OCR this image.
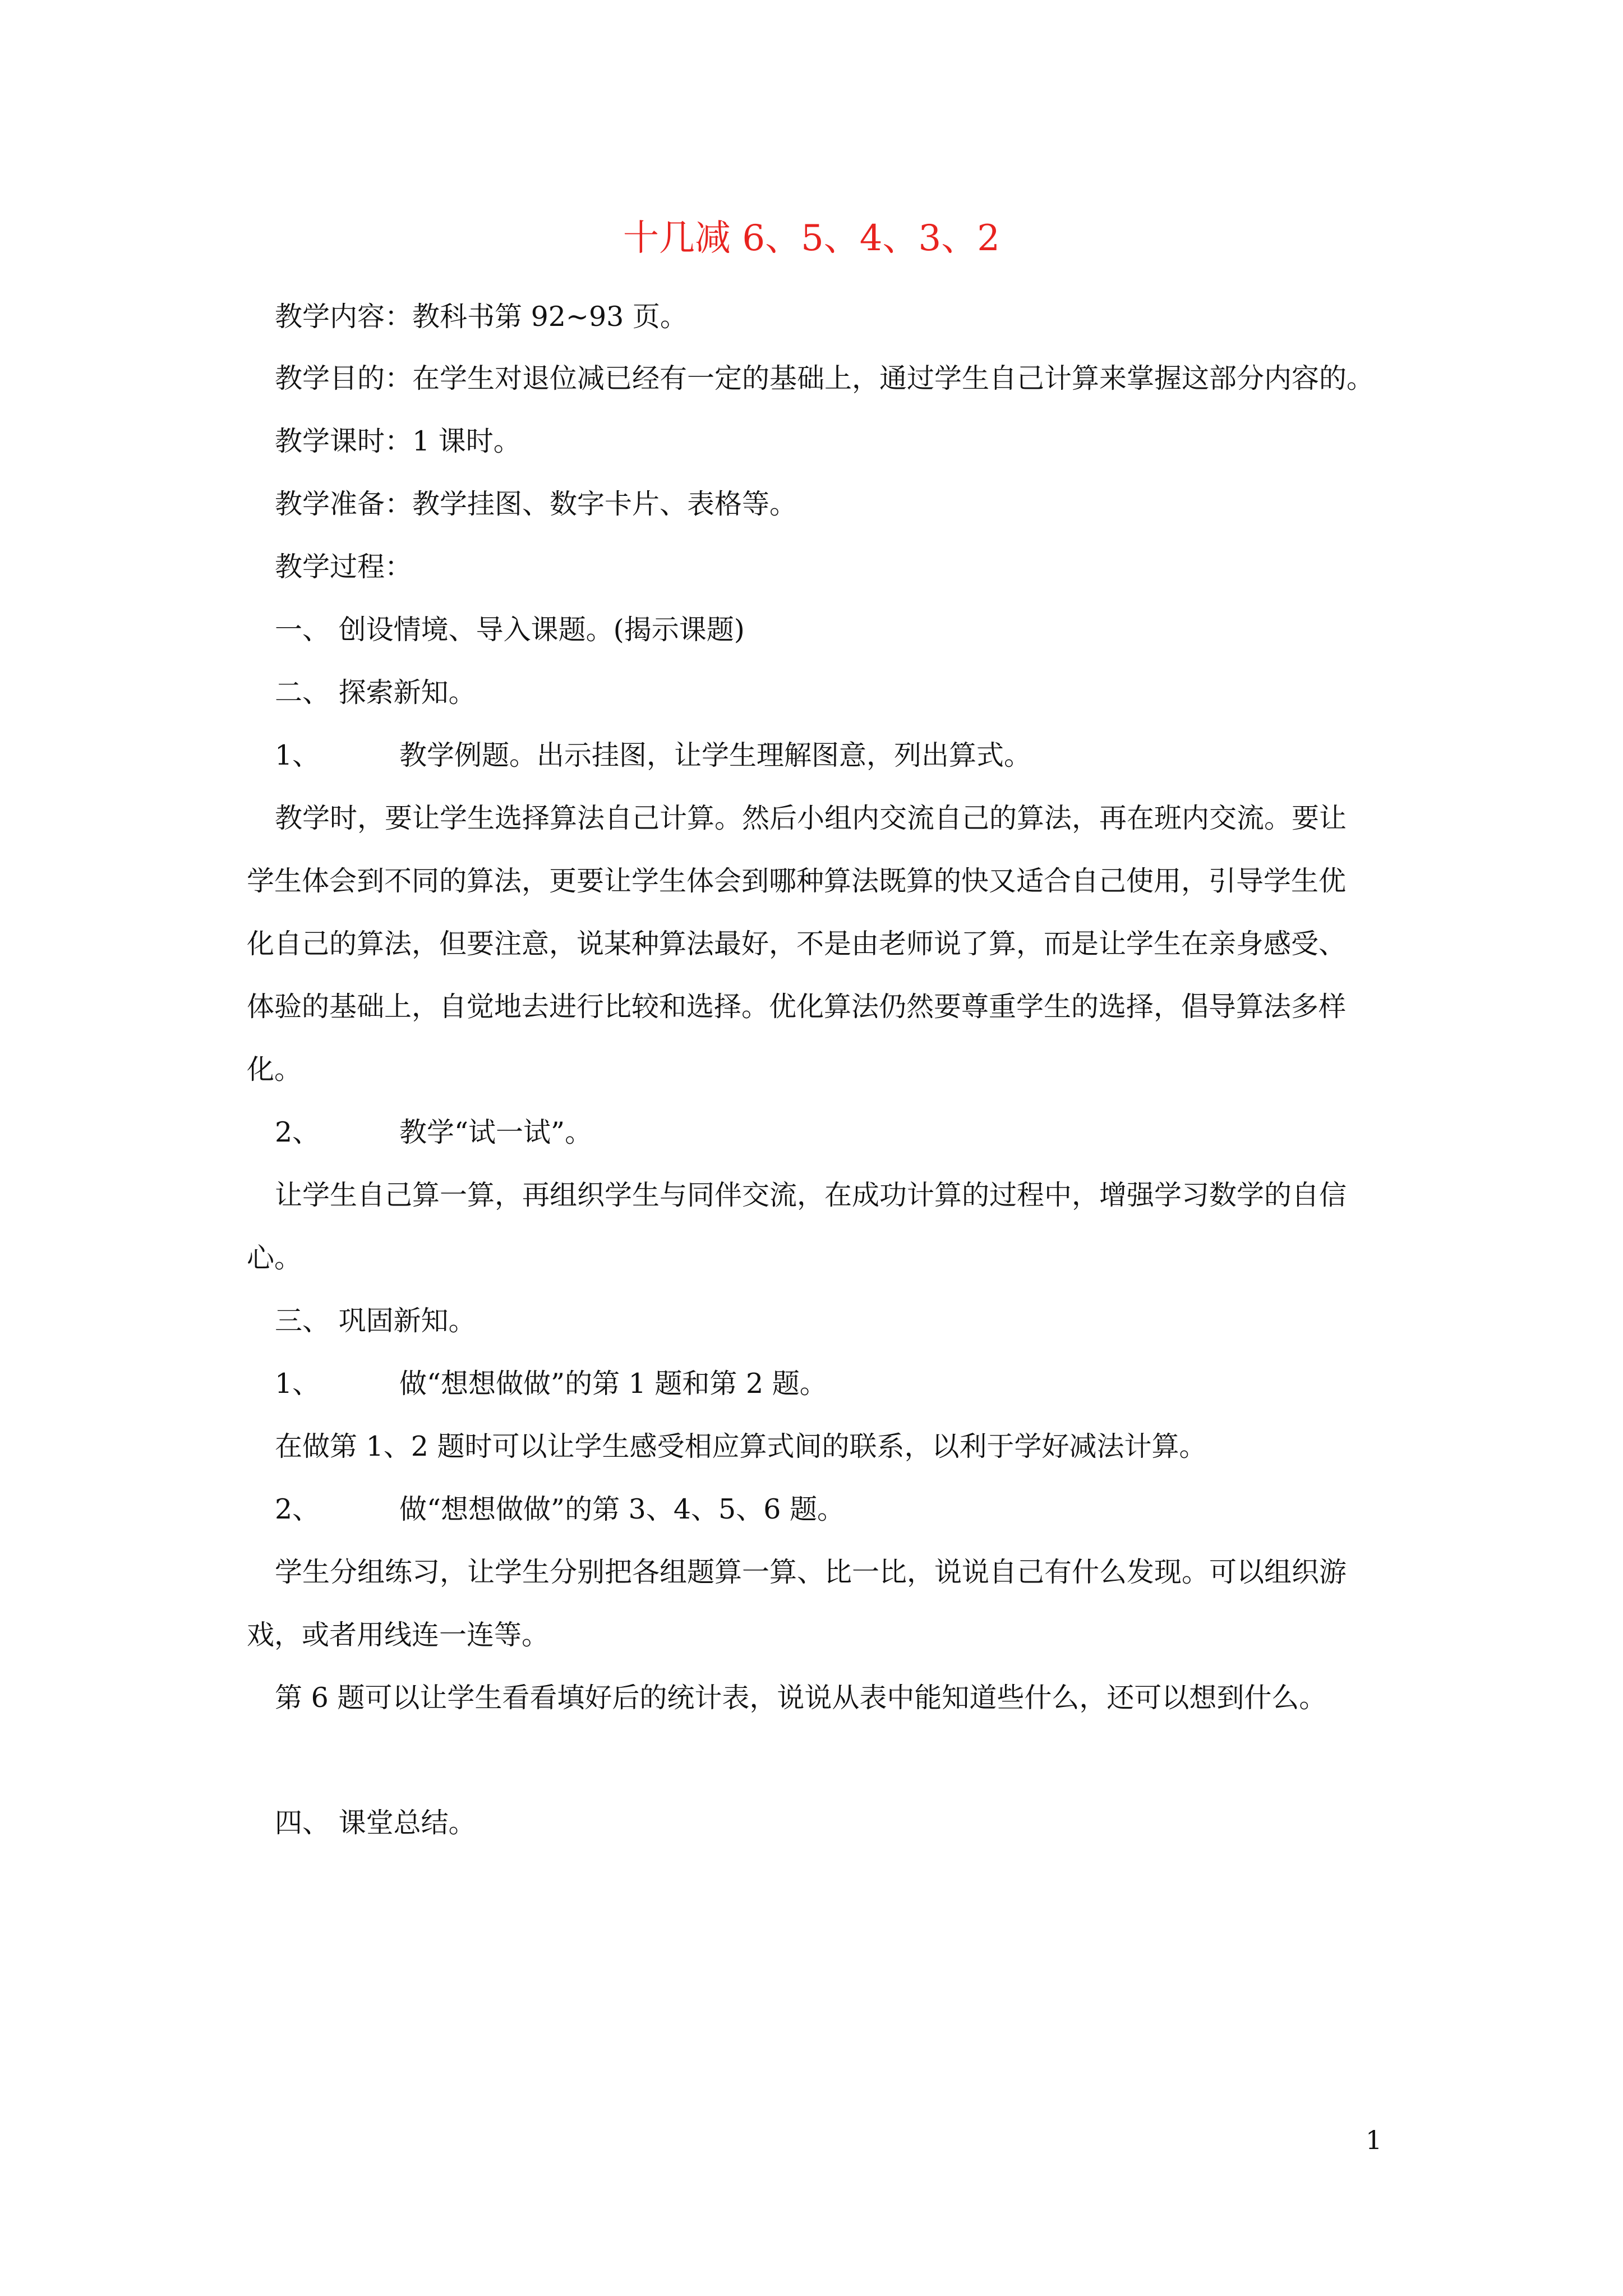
十几减 6、5、4、3、2
教学内容：教科书第 92~93 页。
教学目的：在学生对退位减已经有一定的基础上，通过学生自己计算来掌握这部分内容的。
教学课时：1 课时。
教学准备：教学挂图、数字卡片、表格等。
教学过程：
一、 创设情境、导入课题。(揭示课题)
二、 探索新知。
1、	教学例题。出示挂图，让学生理解图意，列出算式。
教学时，要让学生选择算法自己计算。然后小组内交流自己的算法，再在班内交流。要让
学生体会到不同的算法，更要让学生体会到哪种算法既算的快又适合自己使用，引导学生优
化自己的算法，但要注意，说某种算法最好，不是由老师说了算，而是让学生在亲身感受、
体验的基础上，自觉地去进行比较和选择。优化算法仍然要尊重学生的选择，倡导算法多样
化。
2、	教学“试一试”。
让学生自己算一算，再组织学生与同伴交流，在成功计算的过程中，增强学习数学的自信
心。
三、 巩固新知。
1、	做“想想做做”的第 1 题和第 2 题。
在做第 1、2 题时可以让学生感受相应算式间的联系，以利于学好减法计算。
2、	做“想想做做”的第 3、4、5、6 题。
学生分组练习，让学生分别把各组题算一算、比一比，说说自己有什么发现。可以组织游
戏，或者用线连一连等。
第 6 题可以让学生看看填好后的统计表，说说从表中能知道些什么，还可以想到什么。
四、 课堂总结。
1
